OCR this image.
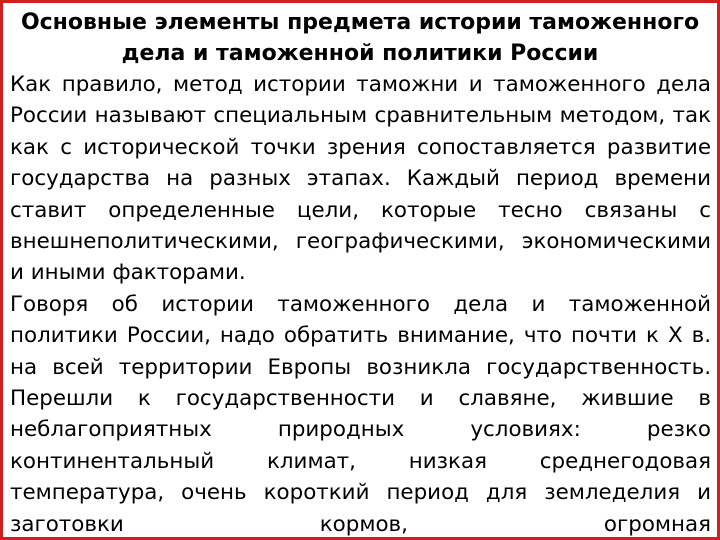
Основные элементы предмета истории таможенного дела и таможенной политики России

Как правило, метод истории таможни и таможенного дела России называют специальным сравнительным методом, так как с исторической точки зрения сопоставляется развитие государства на разных этапах. Каждый период времени ставит определенные цели, которые тесно связаны с внешнеполитическими, географическими, экономическими и иными факторами.

Говоря об истории таможенного дела и таможенной политики России, надо обратить внимание, что почти к X в. на всей территории Европы возникла государственность. Перешли к государственности и славяне, жившие в неблагоприятных природных условиях: резко континентальный климат, низкая среднегодовая температура, очень короткий период для земледелия и заготовки кормов, огромная
